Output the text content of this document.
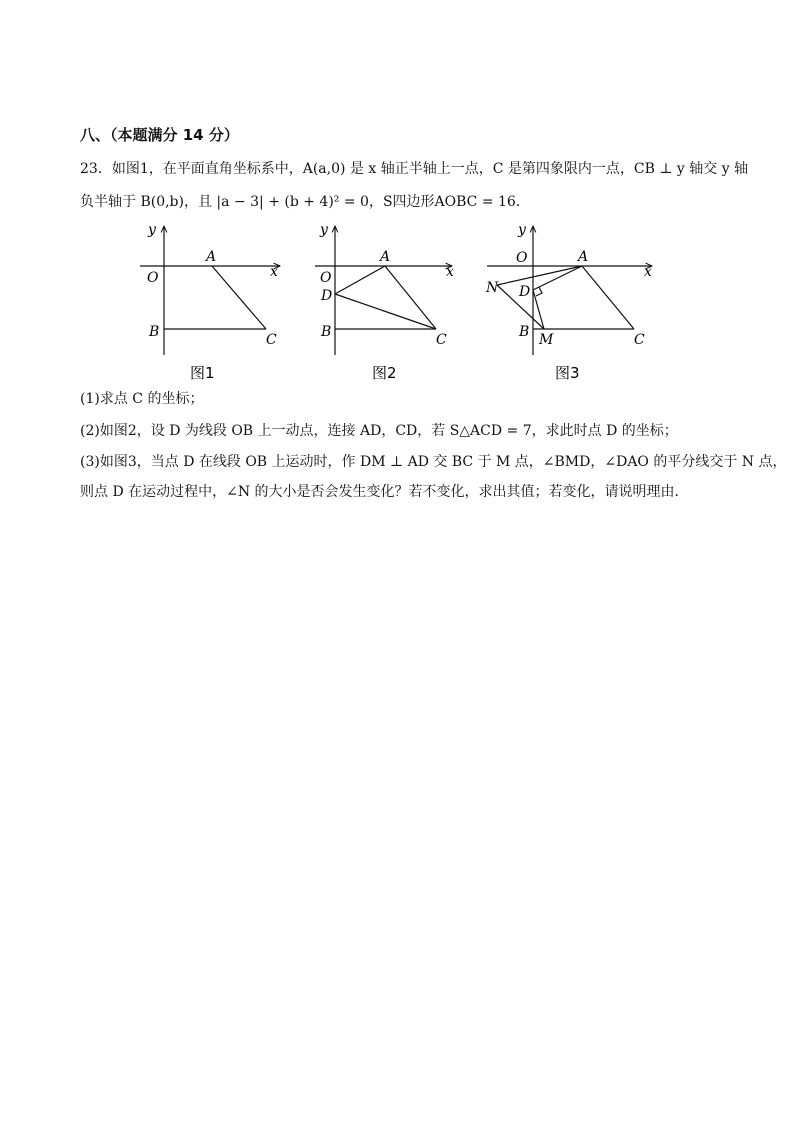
八、（本题满分 14 分）
23．如图1，在平面直角坐标系中，A(a,0) 是 x 轴正半轴上一点，C 是第四象限内一点，CB ⊥ y 轴交 y 轴
负半轴于 B(0,b)，且 |a − 3| + (b + 4)² = 0，S四边形AOBC = 16．
y
x
O
A
B	C
图1
y
x
O
A
D
B	C
图2
y
x
O	A
N D
B M	C
图3
(1)求点 C 的坐标；
(2)如图2，设 D 为线段 OB 上一动点，连接 AD，CD，若 S△ACD = 7，求此时点 D 的坐标；
(3)如图3，当点 D 在线段 OB 上运动时，作 DM ⊥ AD 交 BC 于 M 点，∠BMD，∠DAO 的平分线交于 N 点，
则点 D 在运动过程中，∠N 的大小是否会发生变化？若不变化，求出其值；若变化，请说明理由．
